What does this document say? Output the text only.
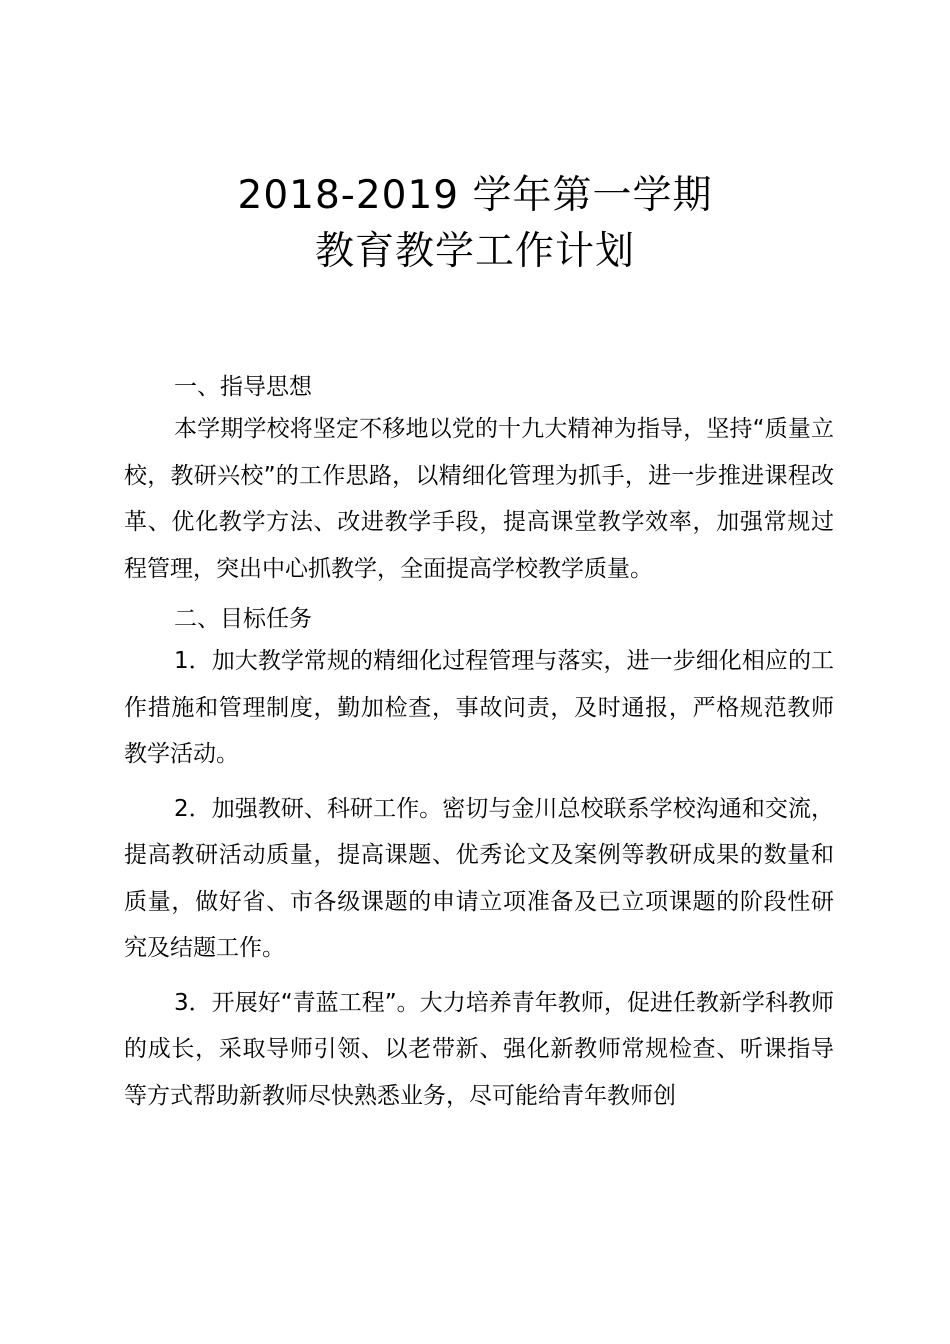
2018-2019 学年第一学期
教育教学工作计划

一、指导思想

本学期学校将坚定不移地以党的十九大精神为指导，坚持“质量立校，教研兴校”的工作思路，以精细化管理为抓手，进一步推进课程改革、优化教学方法、改进教学手段，提高课堂教学效率，加强常规过程管理，突出中心抓教学，全面提高学校教学质量。

二、目标任务

1．加大教学常规的精细化过程管理与落实，进一步细化相应的工作措施和管理制度，勤加检查，事故问责，及时通报，严格规范教师教学活动。

2．加强教研、科研工作。密切与金川总校联系学校沟通和交流，提高教研活动质量，提高课题、优秀论文及案例等教研成果的数量和质量，做好省、市各级课题的申请立项准备及已立项课题的阶段性研究及结题工作。

3．开展好“青蓝工程”。大力培养青年教师，促进任教新学科教师的成长，采取导师引领、以老带新、强化新教师常规检查、听课指导等方式帮助新教师尽快熟悉业务，尽可能给青年教师创
